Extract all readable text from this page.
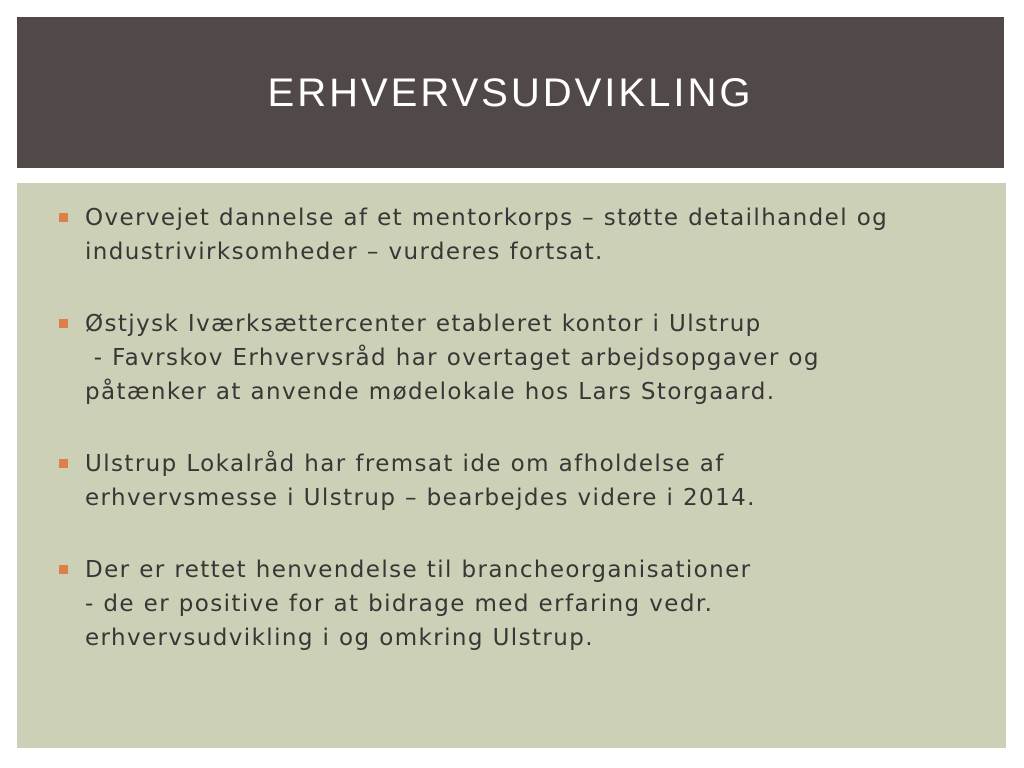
ERHVERVSUDVIKLING
Overvejet dannelse af et mentorkorps – støtte detailhandel og
industrivirksomheder – vurderes fortsat.
Østjysk Iværksættercenter etableret kontor i Ulstrup
- Favrskov Erhvervsråd har overtaget arbejdsopgaver og
påtænker at anvende mødelokale hos Lars Storgaard.
Ulstrup Lokalråd har fremsat ide om afholdelse af
erhvervsmesse i Ulstrup – bearbejdes videre i 2014.
Der er rettet henvendelse til brancheorganisationer
- de er positive for at bidrage med erfaring vedr.
erhvervsudvikling i og omkring Ulstrup.
